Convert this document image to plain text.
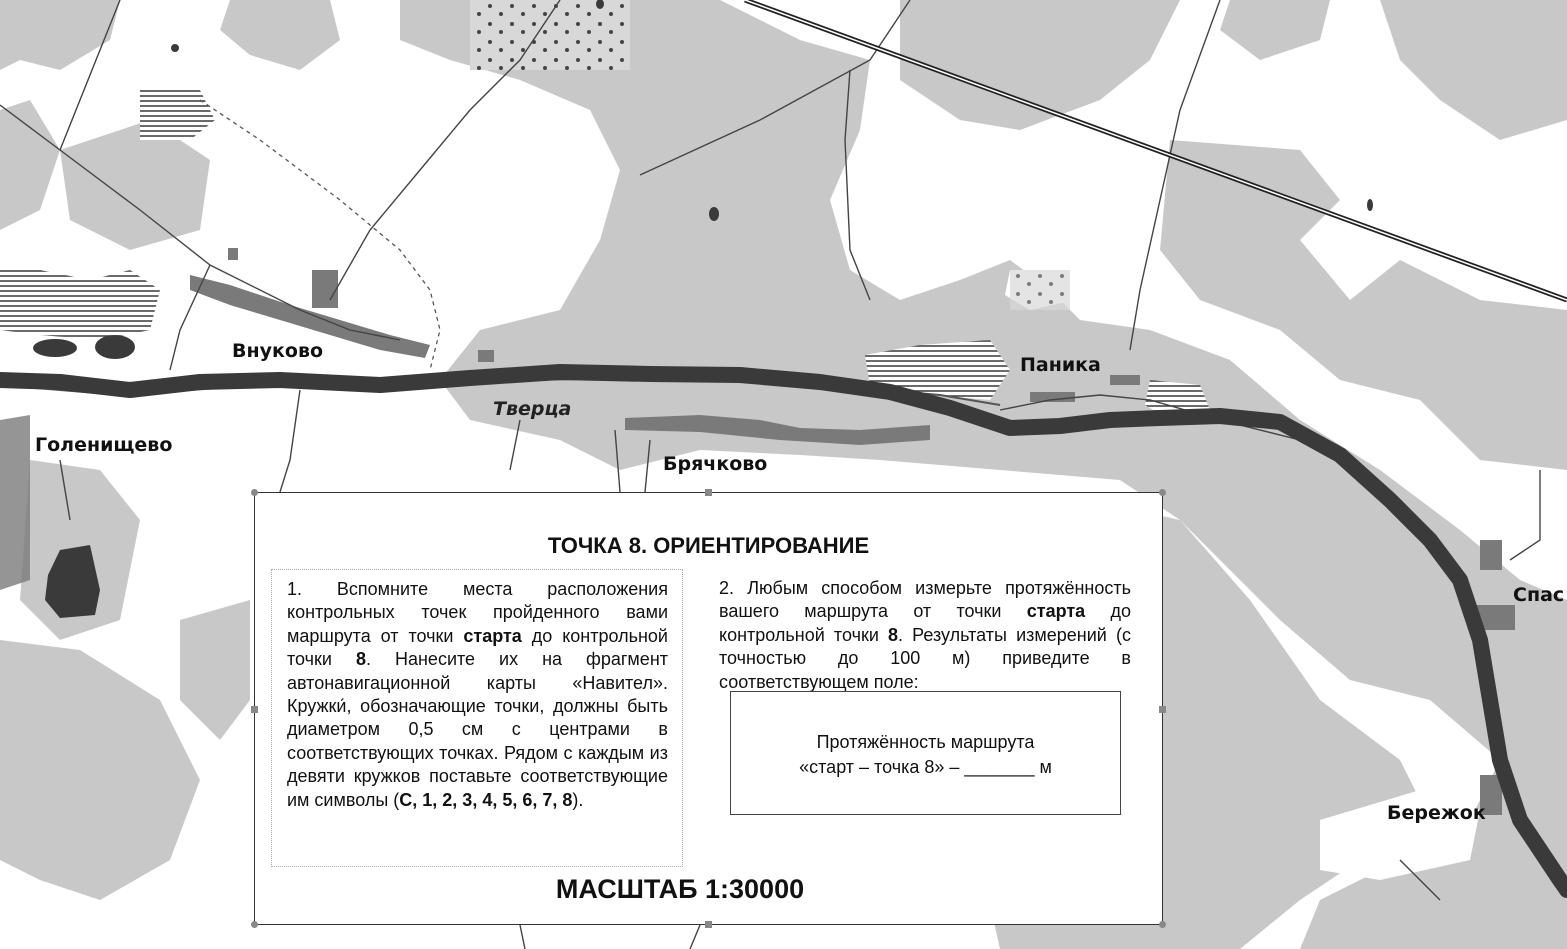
Внуково
Голенищево
Брячково
Паника
Спас
Бережок
Тверца
ТОЧКА 8. ОРИЕНТИРОВАНИЕ

1. Вспомните места расположения контрольных точек пройденного вами маршрута от точки старта до контрольной точки 8. Нанесите их на фрагмент автонавигационной карты «Навител». Кружки́, обозначающие точки, должны быть диаметром 0,5 см с центрами в соответствующих точках. Рядом с каждым из девяти кружков поставьте соответствующие им символы (С, 1, 2, 3, 4, 5, 6, 7, 8).

2. Любым способом измерьте протяжённость вашего маршрута от точки старта до контрольной точки 8. Результаты измерений (с точностью до 100 м) приведите в соответствующем поле:

Протяжённость маршрута
«старт – точка 8» – _______ м
МАСШТАБ 1:30000
